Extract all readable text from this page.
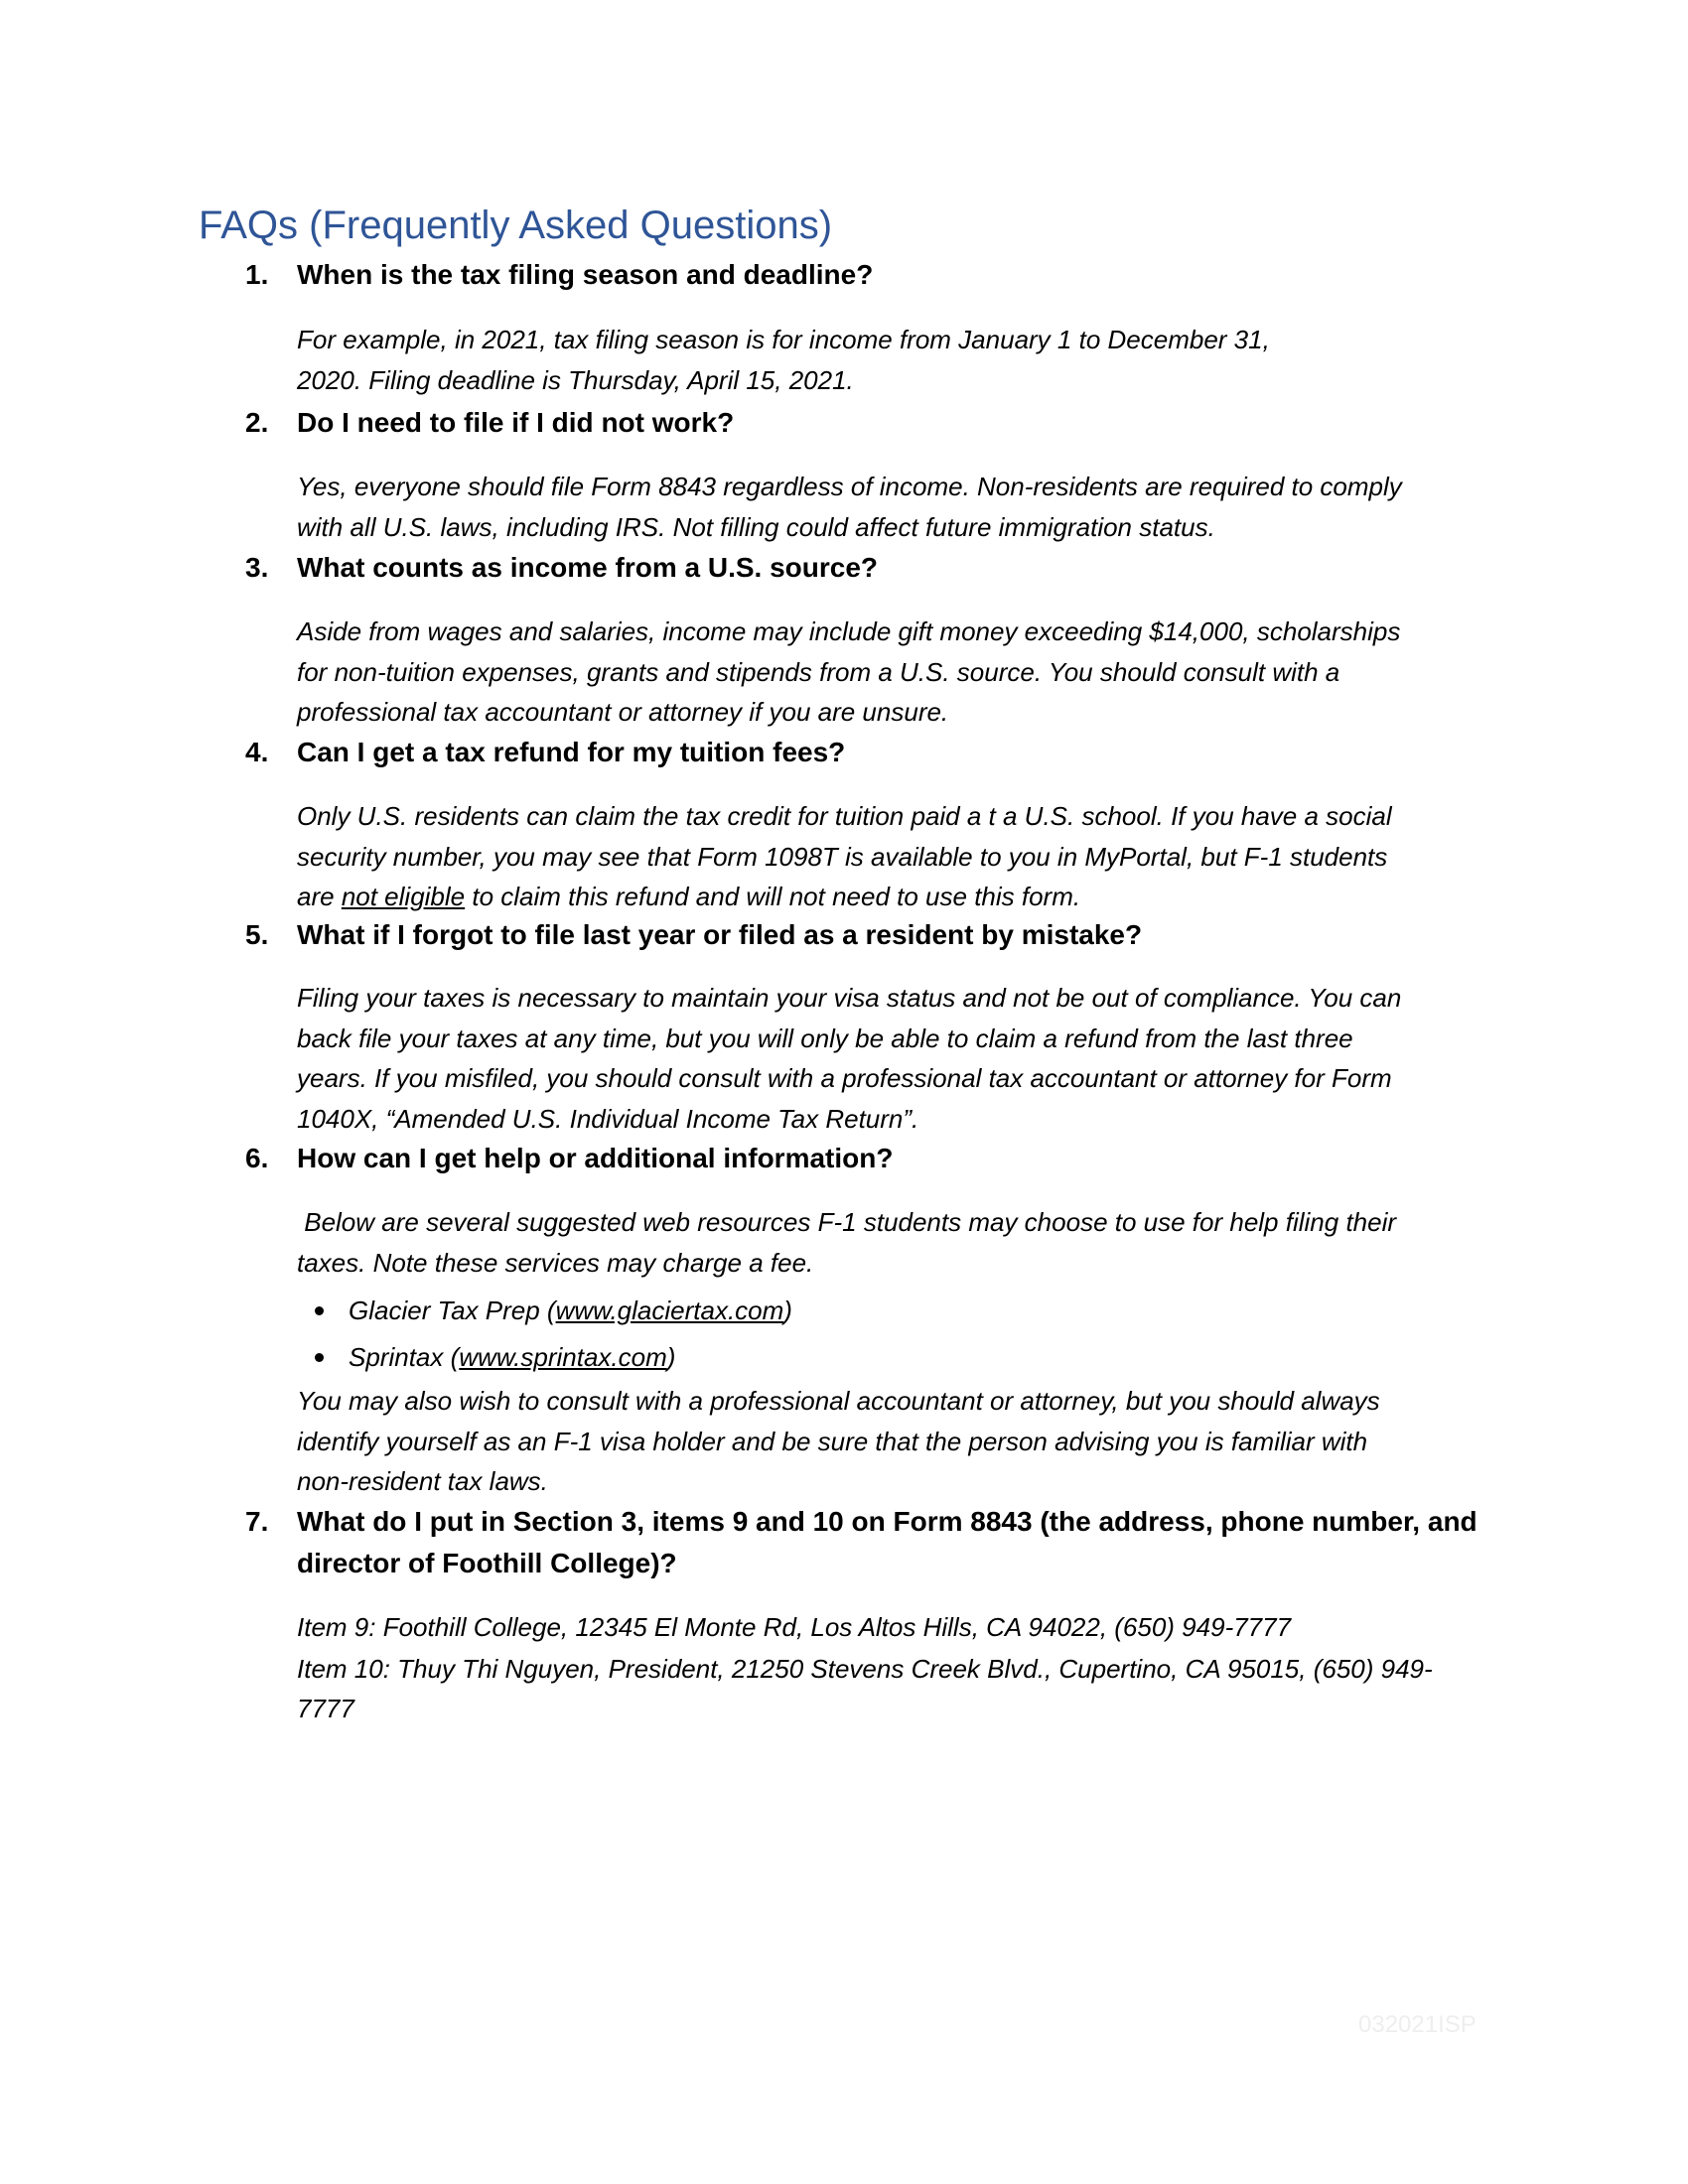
FAQs (Frequently Asked Questions)
1. When is the tax filing season and deadline?

For example, in 2021, tax filing season is for income from January 1 to December 31,

2020. Filing deadline is Thursday, April 15, 2021.

2. Do I need to file if I did not work?

Yes, everyone should file Form 8843 regardless of income. Non-residents are required to comply

with all U.S. laws, including IRS. Not filling could affect future immigration status.

3. What counts as income from a U.S. source?

Aside from wages and salaries, income may include gift money exceeding $14,000, scholarships

for non-tuition expenses, grants and stipends from a U.S. source. You should consult with a

professional tax accountant or attorney if you are unsure.

4. Can I get a tax refund for my tuition fees?

Only U.S. residents can claim the tax credit for tuition paid a t a U.S. school. If you have a social

security number, you may see that Form 1098T is available to you in MyPortal, but F-1 students

are not eligible to claim this refund and will not need to use this form.

5. What if I forgot to file last year or filed as a resident by mistake?

Filing your taxes is necessary to maintain your visa status and not be out of compliance. You can

back file your taxes at any time, but you will only be able to claim a refund from the last three

years. If you misfiled, you should consult with a professional tax accountant or attorney for Form

1040X, “Amended U.S. Individual Income Tax Return”.

6. How can I get help or additional information?

Below are several suggested web resources F-1 students may choose to use for help filing their

taxes. Note these services may charge a fee.

Glacier Tax Prep (www.glaciertax.com)
Sprintax (www.sprintax.com)

You may also wish to consult with a professional accountant or attorney, but you should always

identify yourself as an F-1 visa holder and be sure that the person advising you is familiar with

non-resident tax laws.

7. What do I put in Section 3, items 9 and 10 on Form 8843 (the address, phone number, and director of Foothill College)?

Item 9: Foothill College, 12345 El Monte Rd, Los Altos Hills, CA 94022, (650) 949-7777

Item 10: Thuy Thi Nguyen, President, 21250 Stevens Creek Blvd., Cupertino, CA 95015, (650) 949-

7777

032021ISP
